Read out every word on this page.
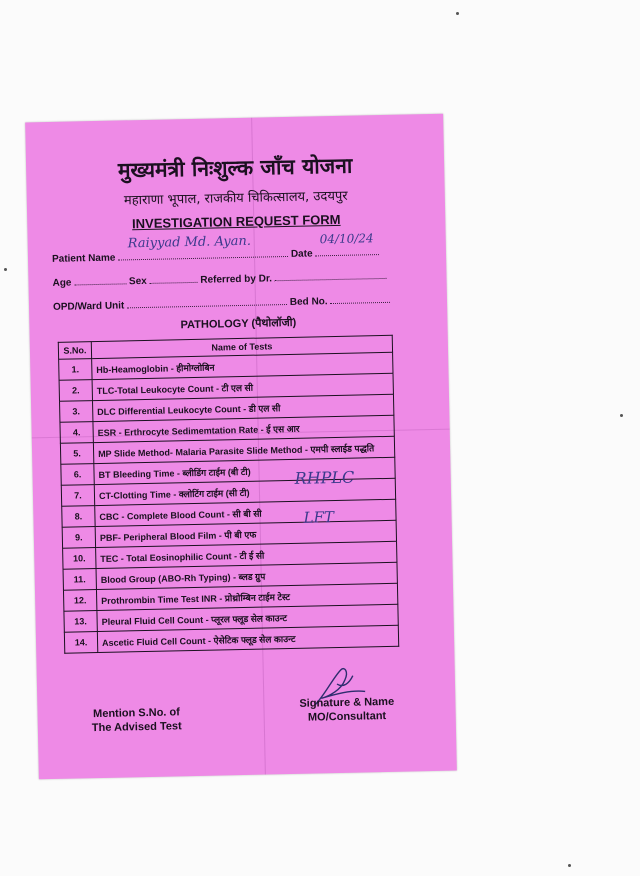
मुख्यमंत्री निःशुल्क जाँच योजना
महाराणा भूपाल, राजकीय चिकित्सालय, उदयपुर
INVESTIGATION REQUEST FORM
Patient Name	Date
Raiyyad Md. Ayan.	04/10/24
Age	Sex	Referred by Dr.
OPD/Ward Unit	Bed No.
PATHOLOGY (पैथोलॉजी)
S.No.	Name of Tests
1.	Hb-Heamoglobin - हीमोग्लोबिन
2.	TLC-Total Leukocyte Count - टी एल सी
3.	DLC Differential Leukocyte Count - डी एल सी
4.	ESR - Erthrocyte Sedimemtation Rate - ई एस आर
5.	MP Slide Method- Malaria Parasite Slide Method - एमपी स्लाईड पद्धति
6.	BT Bleeding Time - ब्लीडिंग टाईम (बी टी)
7.	CT-Clotting Time - क्लोटिंग टाईम (सी टी)
8.	CBC - Complete Blood Count - सी बी सी
9.	PBF- Peripheral Blood Film - पी बी एफ
10.	TEC - Total Eosinophilic Count - टी ई सी
11.	Blood Group (ABO-Rh Typing) - ब्लड ग्रुप
12.	Prothrombin Time Test INR - प्रोथ्रोम्बिन टाईम टेस्ट
13.	Pleural Fluid Cell Count - प्लूरल फ्लूड सेल काउन्ट
14.	Ascetic Fluid Cell Count - ऐसेटिक फ्लूड सेल काउन्ट
RHPLC
LFT
Mention S.No. of
The Advised Test
Signature & Name
MO/Consultant
